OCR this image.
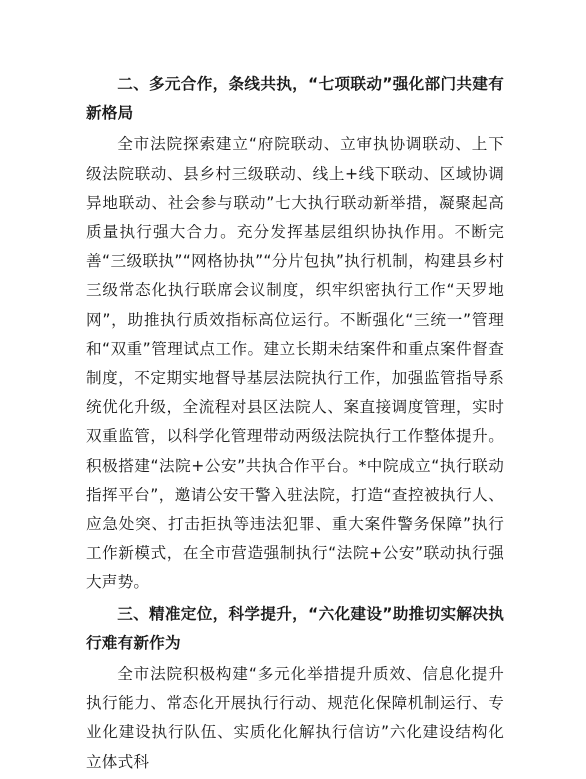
二、多元合作，条线共执，“七项联动”强化部门共建有新格局

全市法院探索建立“府院联动、立审执协调联动、上下级法院联动、县乡村三级联动、线上+线下联动、区域协调异地联动、社会参与联动”七大执行联动新举措，凝聚起高质量执行强大合力。充分发挥基层组织协执作用。不断完善“三级联执”“网格协执”“分片包执”执行机制，构建县乡村三级常态化执行联席会议制度，织牢织密执行工作“天罗地网”，助推执行质效指标高位运行。不断强化“三统一”管理和“双重”管理试点工作。建立长期未结案件和重点案件督查制度，不定期实地督导基层法院执行工作，加强监管指导系统优化升级，全流程对县区法院人、案直接调度管理，实时双重监管，以科学化管理带动两级法院执行工作整体提升。积极搭建“法院+公安”共执合作平台。*中院成立“执行联动指挥平台”，邀请公安干警入驻法院，打造“查控被执行人、应急处突、打击拒执等违法犯罪、重大案件警务保障”执行工作新模式，在全市营造强制执行“法院+公安”联动执行强大声势。

三、精准定位，科学提升，“六化建设”助推切实解决执行难有新作为

全市法院积极构建“多元化举措提升质效、信息化提升执行能力、常态化开展执行行动、规范化保障机制运行、专业化建设执行队伍、实质化化解执行信访”六化建设结构化立体式科
